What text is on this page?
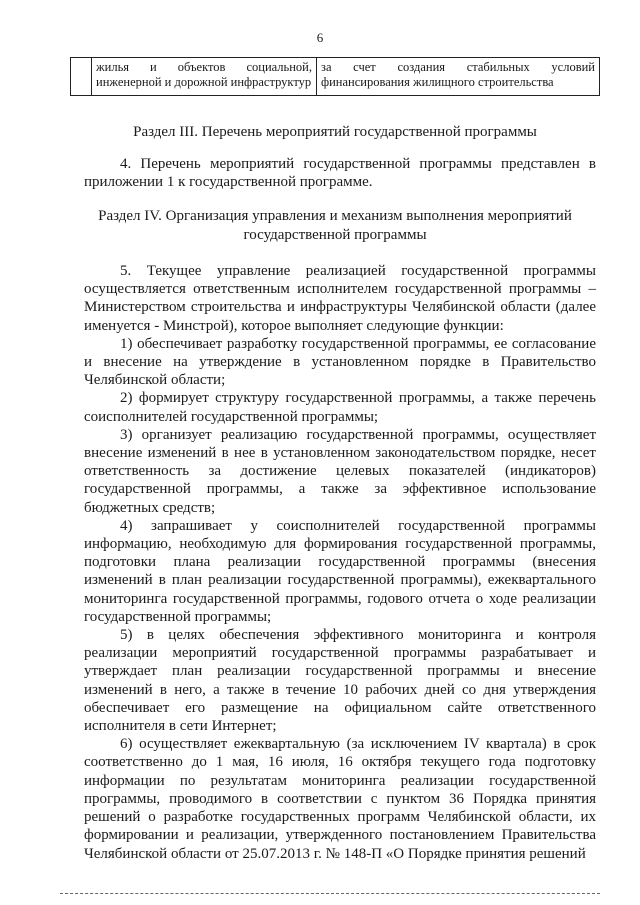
6
	жилья и объектов социальной, инженерной и дорожной инфраструктур	за счет создания стабильных условий финансирования жилищного строительства
Раздел III. Перечень мероприятий государственной программы

4. Перечень мероприятий государственной программы представлен в приложении 1 к государственной программе.

Раздел IV. Организация управления и механизм выполнения мероприятий
государственной программы

5. Текущее управление реализацией государственной программы осуществляется ответственным исполнителем государственной программы – Министерством строительства и инфраструктуры Челябинской области (далее именуется - Минстрой), которое выполняет следующие функции:

1) обеспечивает разработку государственной программы, ее согласование и внесение на утверждение в установленном порядке в Правительство Челябинской области;

2) формирует структуру государственной программы, а также перечень соисполнителей государственной программы;

3) организует реализацию государственной программы, осуществляет внесение изменений в нее в установленном законодательством порядке, несет ответственность за достижение целевых показателей (индикаторов) государственной программы, а также за эффективное использование бюджетных средств;

4) запрашивает у соисполнителей государственной программы информацию, необходимую для формирования государственной программы, подготовки плана реализации государственной программы (внесения изменений в план реализации государственной программы), ежеквартального мониторинга государственной программы, годового отчета о ходе реализации государственной программы;

5) в целях обеспечения эффективного мониторинга и контроля реализации мероприятий государственной программы разрабатывает и утверждает план реализации государственной программы и внесение изменений в него, а также в течение 10 рабочих дней со дня утверждения обеспечивает его размещение на официальном сайте ответственного исполнителя в сети Интернет;

6) осуществляет ежеквартальную (за исключением IV квартала) в срок соответственно до 1 мая, 16 июля, 16 октября текущего года подготовку информации по результатам мониторинга реализации государственной программы, проводимого в соответствии с пунктом 36 Порядка принятия решений о разработке государственных программ Челябинской области, их формировании и реализации, утвержденного постановлением Правительства Челябинской области от 25.07.2013 г. № 148-П «О Порядке принятия решений
